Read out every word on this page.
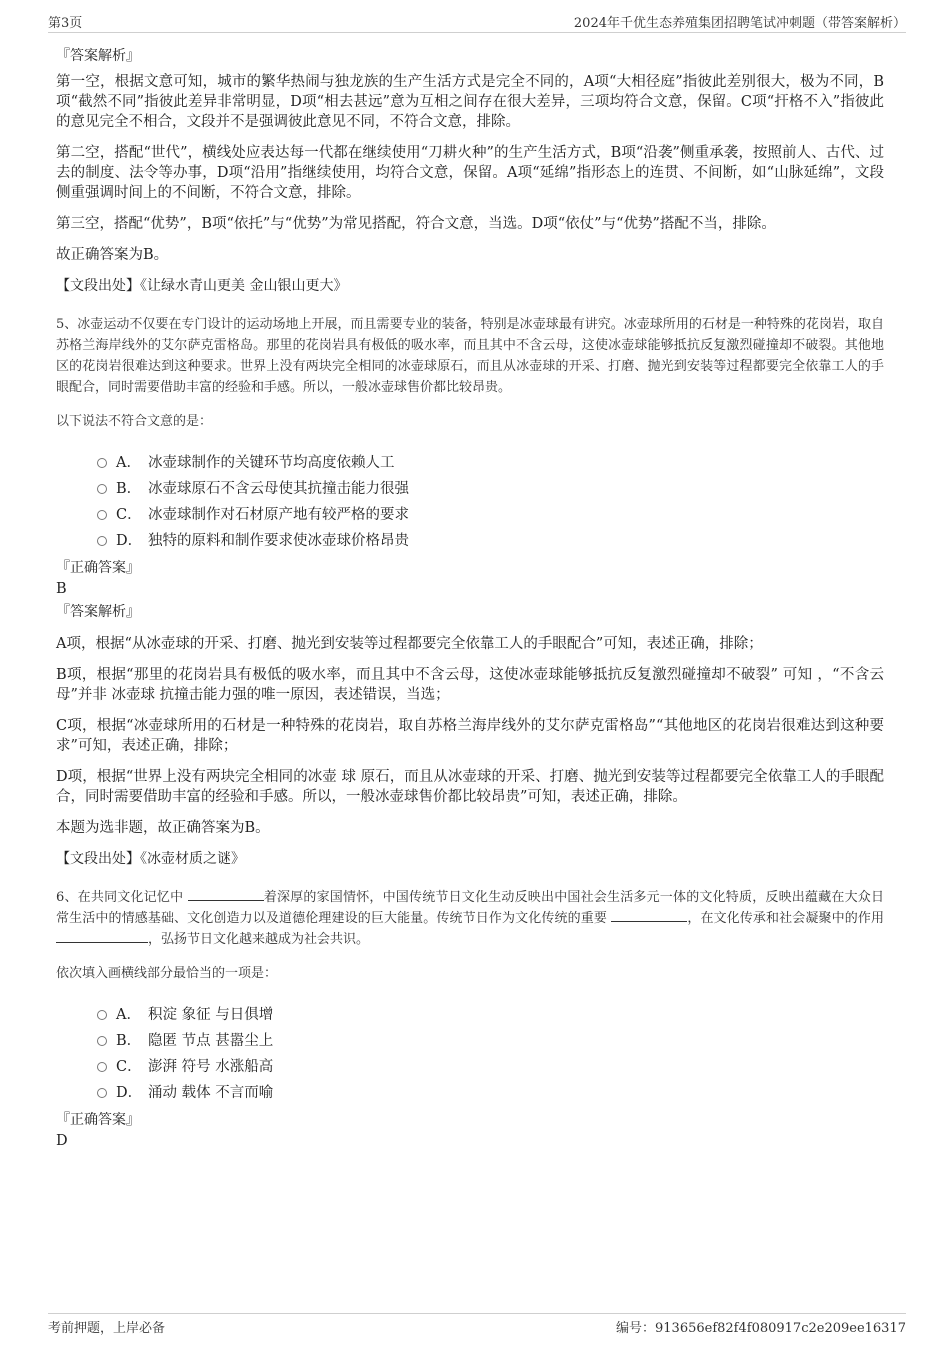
第3页	2024年千优生态养殖集团招聘笔试冲刺题（带答案解析）

『答案解析』

第一空，根据文意可知，城市的繁华热闹与独龙族的生产生活方式是完全不同的，A项“大相径庭”指彼此差别很大，极为不同，B项“截然不同”指彼此差异非常明显，D项“相去甚远”意为互相之间存在很大差异，三项均符合文意，保留。C项“扞格不入”指彼此的意见完全不相合，文段并不是强调彼此意见不同，不符合文意，排除。

第二空，搭配“世代”，横线处应表达每一代都在继续使用“刀耕火种”的生产生活方式，B项“沿袭”侧重承袭，按照前人、古代、过去的制度、法令等办事，D项“沿用”指继续使用，均符合文意，保留。A项“延绵”指形态上的连贯、不间断，如“山脉延绵”，文段侧重强调时间上的不间断，不符合文意，排除。

第三空，搭配“优势”，B项“依托”与“优势”为常见搭配，符合文意，当选。D项“依仗”与“优势”搭配不当，排除。

故正确答案为B。

【文段出处】《让绿水青山更美 金山银山更大》

5、冰壶运动不仅要在专门设计的运动场地上开展，而且需要专业的装备，特别是冰壶球最有讲究。冰壶球所用的石材是一种特殊的花岗岩，取自苏格兰海岸线外的艾尔萨克雷格岛。那里的花岗岩具有极低的吸水率，而且其中不含云母，这使冰壶球能够抵抗反复激烈碰撞却不破裂。其他地区的花岗岩很难达到这种要求。世界上没有两块完全相同的冰壶球原石，而且从冰壶球的开采、打磨、抛光到安装等过程都要完全依靠工人的手眼配合，同时需要借助丰富的经验和手感。所以，一般冰壶球售价都比较昂贵。

以下说法不符合文意的是：

A． 冰壶球制作的关键环节均高度依赖人工
B． 冰壶球原石不含云母使其抗撞击能力很强
C． 冰壶球制作对石材原产地有较严格的要求
D． 独特的原料和制作要求使冰壶球价格昂贵

『正确答案』

B

『答案解析』

A项，根据“从冰壶球的开采、打磨、抛光到安装等过程都要完全依靠工人的手眼配合”可知，表述正确，排除；

B项，根据“那里的花岗岩具有极低的吸水率，而且其中不含云母，这使冰壶球能够抵抗反复激烈碰撞却不破裂” 可知 ，“不含云母”并非 冰壶球 抗撞击能力强的唯一原因，表述错误，当选；

C项，根据“冰壶球所用的石材是一种特殊的花岗岩，取自苏格兰海岸线外的艾尔萨克雷格岛”“其他地区的花岗岩很难达到这种要求”可知，表述正确，排除；

D项，根据“世界上没有两块完全相同的冰壶 球 原石，而且从冰壶球的开采、打磨、抛光到安装等过程都要完全依靠工人的手眼配合，同时需要借助丰富的经验和手感。所以，一般冰壶球售价都比较昂贵”可知，表述正确，排除。

本题为选非题，故正确答案为B。

【文段出处】《冰壶材质之谜》

6、在共同文化记忆中	着深厚的家国情怀，中国传统节日文化生动反映出中国社会生活多元一体的文化特质，反映出蕴藏在大众日常生活中的情感基础、文化创造力以及道德伦理建设的巨大能量。传统节日作为文化传统的重要	，在文化传承和社会凝聚中的作用 ，弘扬节日文化越来越成为社会共识。

依次填入画横线部分最恰当的一项是：

A． 积淀 象征 与日俱增
B． 隐匿 节点 甚嚣尘上
C． 澎湃 符号 水涨船高
D． 涌动 载体 不言而喻

『正确答案』

D

考前押题，上岸必备	编号：913656ef82f4f080917c2e209ee16317
